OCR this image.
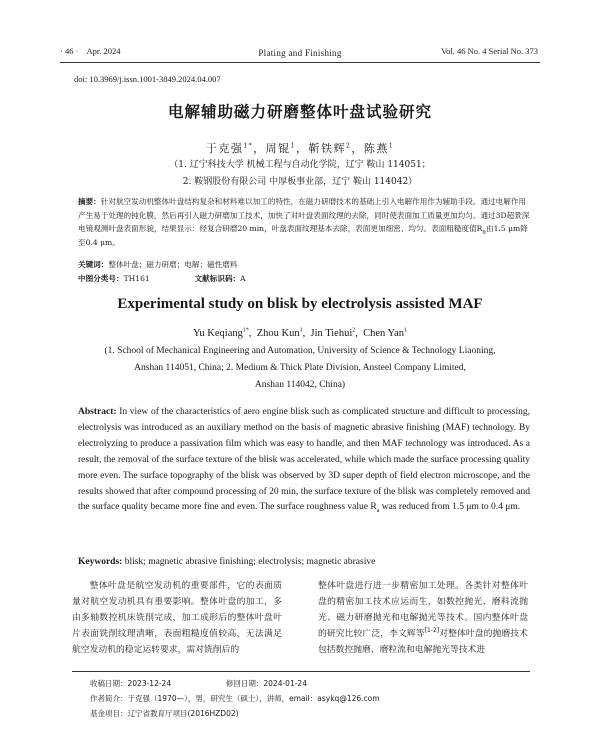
· 46 · Apr. 2024	Plating and Finishing	Vol. 46 No. 4 Serial No. 373
doi: 10.3969/j.issn.1001-3849.2024.04.007
电解辅助磁力研磨整体叶盘试验研究
于克强$^{1*}$，周锟$^1$，靳铁辉$^2$，陈燕$^1$
（1. 辽宁科技大学 机械工程与自动化学院，辽宁 鞍山 114051；
2. 鞍钢股份有限公司 中厚板事业部，辽宁 鞍山 114042）

摘要：针对航空发动机整体叶盘结构复杂和材料难以加工的特性，在磁力研磨技术的基础上引入电解作用作为辅助手段。通过电解作用产生易于处理的钝化膜，然后再引入磁力研磨加工技术，加快了对叶盘表面纹理的去除，同时使表面加工质量更加均匀。通过3D超景深电镜观测叶盘表面形貌，结果显示：经复合研磨20 min，叶盘表面纹理基本去除，表面更加细密、均匀。表面粗糙度值$R_a$由1.5 μm降至0.4 μm。

关键词：整体叶盘；磁力研磨；电解；磁性磨料
中图分类号：TH161	文献标识码：A
Experimental study on blisk by electrolysis assisted MAF
Yu Keqiang$^{1*}$,  Zhou Kun$^1$,  Jin Tiehui$^2$,  Chen Yan$^1$
(1. School of Mechanical Engineering and Automation, University of Science & Technology Liaoning,
Anshan 114051, China; 2. Medium & Thick Plate Division, Ansteel Company Limited,
Anshan 114042, China)

Abstract: In view of the characteristics of aero engine blisk such as complicated structure and difficult to processing, electrolysis was introduced as an auxiliary method on the basis of magnetic abrasive finishing (MAF) technology. By electrolyzing to produce a passivation film which was easy to handle, and then MAF technology was introduced. As a result, the removal of the surface texture of the blisk was accelerated, while which made the surface processing quality more even. The surface topography of the blisk was observed by 3D super depth of field electron microscope, and the results showed that after compound processing of 20 min, the surface texture of the blisk was completely removed and the surface quality became more fine and even. The surface roughness value $R_a$ was reduced from 1.5 μm to 0.4 μm.

Keywords: blisk; magnetic abrasive finishing; electrolysis; magnetic abrasive

整体叶盘是航空发动机的重要部件，它的表面质量对航空发动机具有重要影响。整体叶盘的加工，多由多轴数控机床铣削完成，加工成形后的整体叶盘叶片表面铣削纹理清晰，表面粗糙度值较高，无法满足航空发动机的稳定运转要求，需对铣削后的

整体叶盘进行进一步精密加工处理。各类针对整体叶盘的精密加工技术应运而生，如数控抛光、磨料流抛光、磁力研磨抛光和电解抛光等技术。国内整体叶盘的研究比较广泛，李文辉等[1-2]对整体叶盘的抛磨技术包括数控抛磨、磨粒流和电解抛光等技术进

收稿日期：2023-12-24	修回日期：2024-01-24
作者简介：于克强（1970—），男，研究生（硕士），讲师，email：asykq@126.com
基金项目：辽宁省教育厅项目(2016HZD02)
